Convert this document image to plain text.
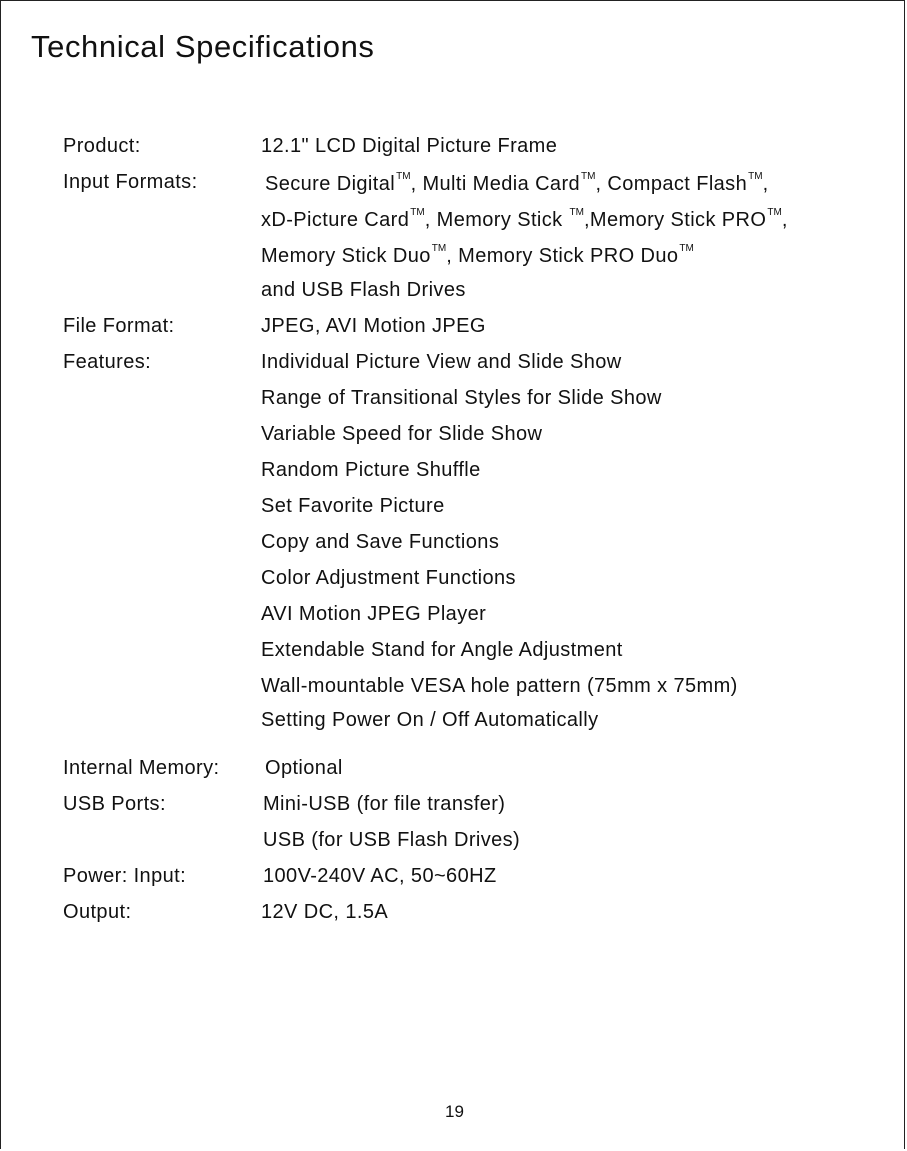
Technical Specifications
Product:	12.1" LCD Digital Picture Frame
Input Formats:	Secure Digital™, Multi Media Card™, Compact Flash™,
xD-Picture Card™, Memory Stick ™,Memory Stick PRO™,
Memory Stick Duo™, Memory Stick PRO Duo™
and USB Flash Drives
File Format:	JPEG, AVI Motion JPEG
Features:	Individual Picture View and Slide Show
Range of Transitional Styles for Slide Show
Variable Speed for Slide Show
Random Picture Shuffle
Set Favorite Picture
Copy and Save Functions
Color Adjustment Functions
AVI Motion JPEG Player
Extendable Stand for Angle Adjustment
Wall-mountable VESA hole pattern (75mm x 75mm)
Setting Power On / Off Automatically
Internal Memory: Optional
USB Ports:	Mini-USB (for file transfer)
USB (for USB Flash Drives)
Power: Input:	100V-240V AC, 50~60HZ
Output:	12V DC, 1.5A
19
